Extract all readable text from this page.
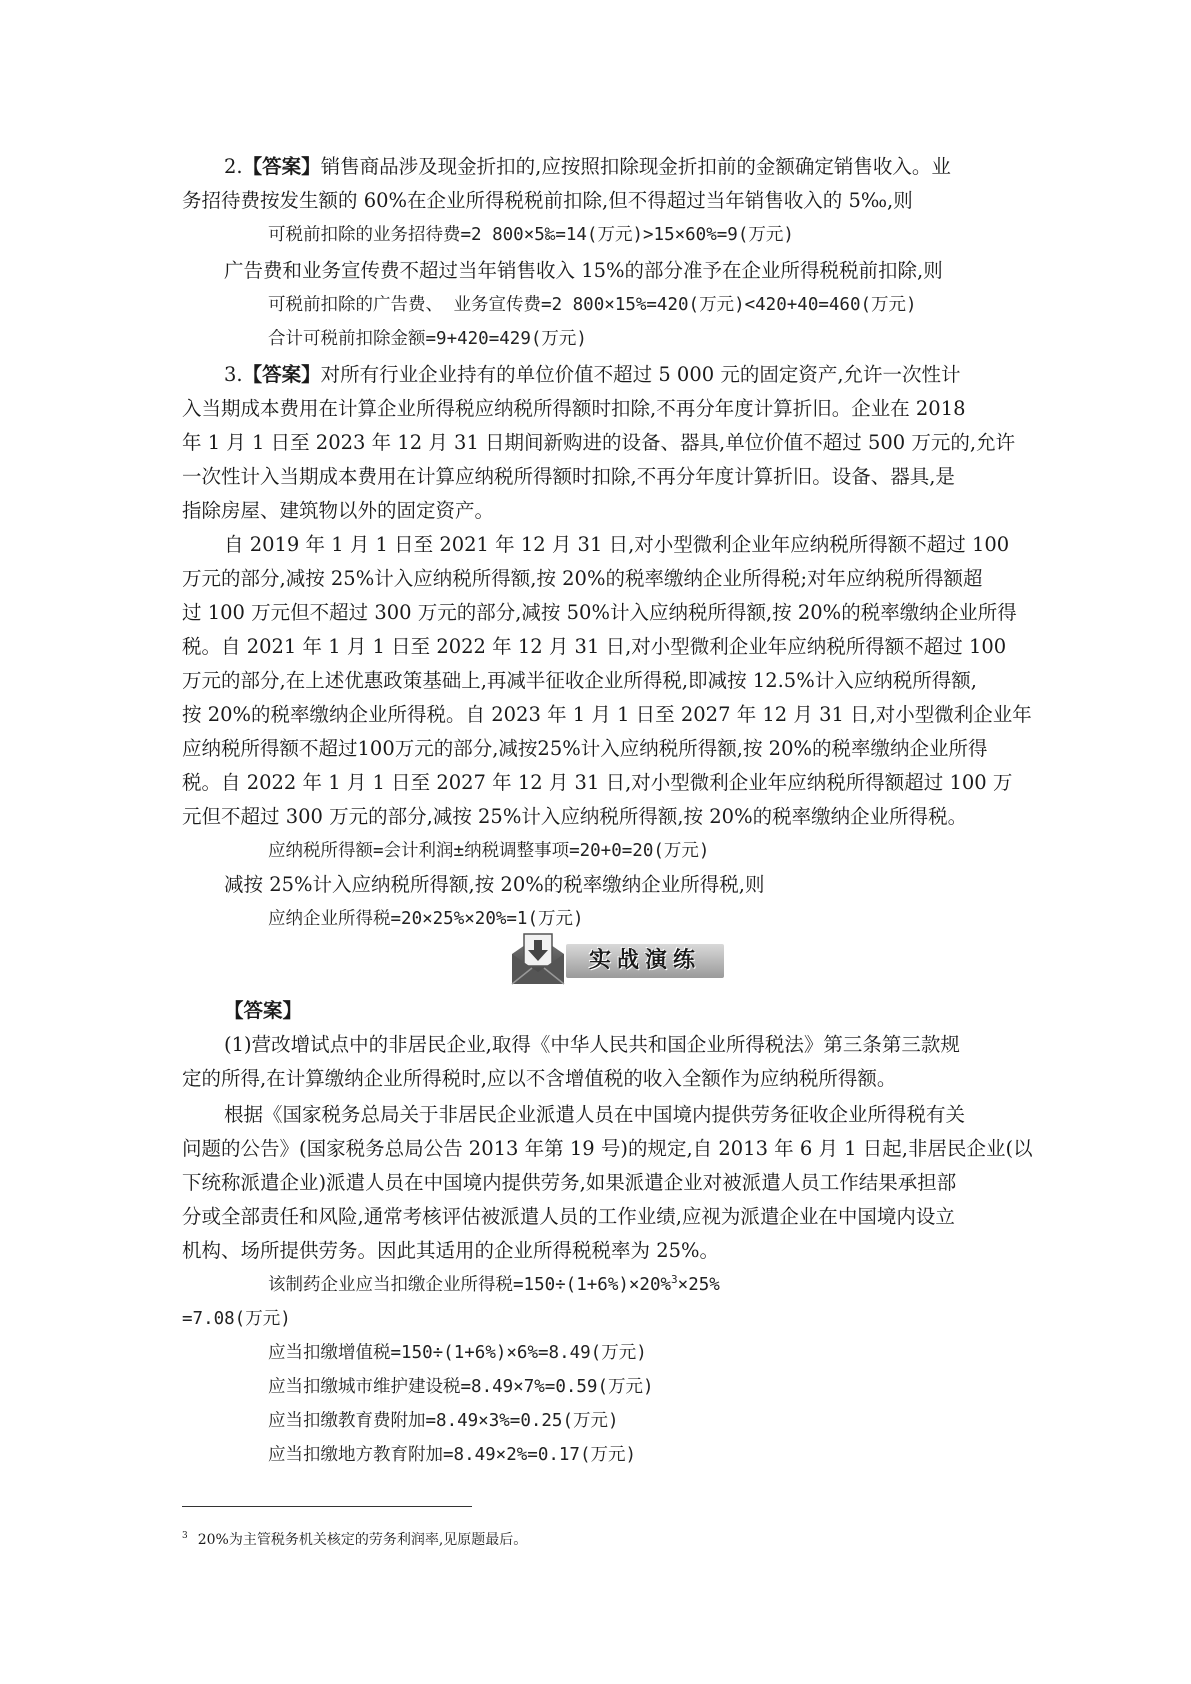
2.【答案】销售商品涉及现金折扣的,应按照扣除现金折扣前的金额确定销售收入。业
务招待费按发生额的 60%在企业所得税税前扣除,但不得超过当年销售收入的 5‰,则
可税前扣除的业务招待费=2 800×5‰=14(万元)>15×60%=9(万元)
广告费和业务宣传费不超过当年销售收入 15%的部分准予在企业所得税税前扣除,则
可税前扣除的广告费、 业务宣传费=2 800×15%=420(万元)<420+40=460(万元)
合计可税前扣除金额=9+420=429(万元)
3.【答案】对所有行业企业持有的单位价值不超过 5 000 元的固定资产,允许一次性计
入当期成本费用在计算企业所得税应纳税所得额时扣除,不再分年度计算折旧。企业在 2018
年 1 月 1 日至 2023 年 12 月 31 日期间新购进的设备、器具,单位价值不超过 500 万元的,允许
一次性计入当期成本费用在计算应纳税所得额时扣除,不再分年度计算折旧。设备、器具,是
指除房屋、建筑物以外的固定资产。
自 2019 年 1 月 1 日至 2021 年 12 月 31 日,对小型微利企业年应纳税所得额不超过 100
万元的部分,减按 25%计入应纳税所得额,按 20%的税率缴纳企业所得税;对年应纳税所得额超
过 100 万元但不超过 300 万元的部分,减按 50%计入应纳税所得额,按 20%的税率缴纳企业所得
税。自 2021 年 1 月 1 日至 2022 年 12 月 31 日,对小型微利企业年应纳税所得额不超过 100
万元的部分,在上述优惠政策基础上,再减半征收企业所得税,即减按 12.5%计入应纳税所得额,
按 20%的税率缴纳企业所得税。自 2023 年 1 月 1 日至 2027 年 12 月 31 日,对小型微利企业年
应纳税所得额不超过100万元的部分,减按25%计入应纳税所得额,按 20%的税率缴纳企业所得
税。自 2022 年 1 月 1 日至 2027 年 12 月 31 日,对小型微利企业年应纳税所得额超过 100 万
元但不超过 300 万元的部分,减按 25%计入应纳税所得额,按 20%的税率缴纳企业所得税。
应纳税所得额=会计利润±纳税调整事项=20+0=20(万元)
减按 25%计入应纳税所得额,按 20%的税率缴纳企业所得税,则
应纳企业所得税=20×25%×20%=1(万元)
实战演练
【答案】
(1)营改增试点中的非居民企业,取得《中华人民共和国企业所得税法》第三条第三款规
定的所得,在计算缴纳企业所得税时,应以不含增值税的收入全额作为应纳税所得额。
根据《国家税务总局关于非居民企业派遣人员在中国境内提供劳务征收企业所得税有关
问题的公告》(国家税务总局公告 2013 年第 19 号)的规定,自 2013 年 6 月 1 日起,非居民企业(以
下统称派遣企业)派遣人员在中国境内提供劳务,如果派遣企业对被派遣人员工作结果承担部
分或全部责任和风险,通常考核评估被派遣人员的工作业绩,应视为派遣企业在中国境内设立
机构、场所提供劳务。因此其适用的企业所得税税率为 25%。
该制药企业应当扣缴企业所得税=150÷(1+6%)×20%$^3$×25%
=7.08(万元)
应当扣缴增值税=150÷(1+6%)×6%=8.49(万元)
应当扣缴城市维护建设税=8.49×7%=0.59(万元)
应当扣缴教育费附加=8.49×3%=0.25(万元)
应当扣缴地方教育附加=8.49×2%=0.17(万元)
$^3$ 20%为主管税务机关核定的劳务利润率,见原题最后。
